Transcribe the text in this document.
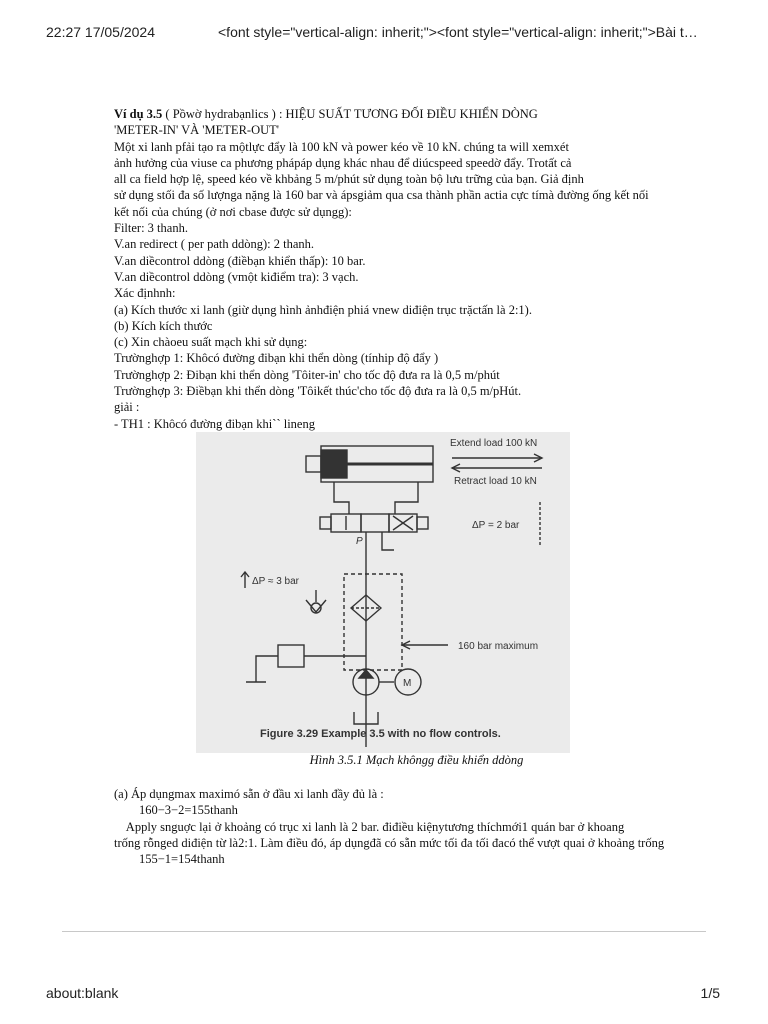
22:27 17/05/2024	<font style="vertical-align: inherit;"><font style="vertical-align: inherit;">Bài t…
Ví dụ 3.5 ( Pồwờ hydrabạnlics ) : HIỆU SUẤT TƯƠNG ĐỐI ĐIỀU KHIỂN DÒNG
'METER-IN' VÀ 'METER-OUT'
Một xi lanh pfải tạo ra mộtlực đẩy là 100 kN và power kéo về 10 kN. chúng ta will xemxét
ảnh hưởng của viuse ca phương phápáp dụng khác nhau để diúcspeed speedờ đẩy. Trotất cả
all ca field hợp lệ, speed kéo về khbảng 5 m/phút sử dụng toàn bộ lưu trững của bạn. Giả định
sử dụng stối đa số lượnga nặng là 160 bar và ápsgiảm qua csa thành phần actia cực tímà đường ống kết nối
kết nối của chúng (ở nơi cbase được sử dụngg):
Filter: 3 thanh.
V.an redirect ( per path ddòng): 2 thanh.
V.an diềcontrol ddòng (điềbạn khiển thấp): 10 bar.
V.an diềcontrol ddòng (vmột kiđiểm tra): 3 vạch.
Xác địnhnh:
(a) Kích thước xi lanh (giừ dụng hình ảnhđiện phiá vnew diđiện trục trặctấn là 2:1).
(b) Kích kích thước
(c) Xin chàoeu suất mạch khi sử dụng:
Trườnghợp 1: Khôcó đường đibạn khi thển dòng (tínhip độ đẩy )
Trườnghợp 2: Đibạn khi thển dòng 'Tôiter-in' cho tốc độ đưa ra là 0,5 m/phút
Trườnghợp 3: Điềbạn khi thển dòng 'Tôikết thúc'cho tốc độ đưa ra là 0,5 m/pHút.
giải :
- TH1 : Khôcó đường đibạn khi`` lineng
Extend load 100 kN
Retract load 10 kN
ΔP = 2 bar
ΔP ≈ 3 bar
160 bar maximum
P
M
Figure 3.29 Example 3.5 with no flow controls.
Hình 3.5.1 Mạch khôngg điều khiển ddòng
(a) Áp dụngmax maximó sẵn ở đầu xi lanh đầy đủ là :
160−3−2=155thanh
Apply snguợc lại ở khoảng có trục xi lanh là 2 bar. điđiều kiệnytương thíchmới1 quán bar ở khoang
trống rỗnged diđiện từ là2:1. Làm điều đó, áp dụngđã có sẵn mức tối đa tối đacó thể vượt quai ở khoảng trống
155−1=154thanh
about:blank	1/5
